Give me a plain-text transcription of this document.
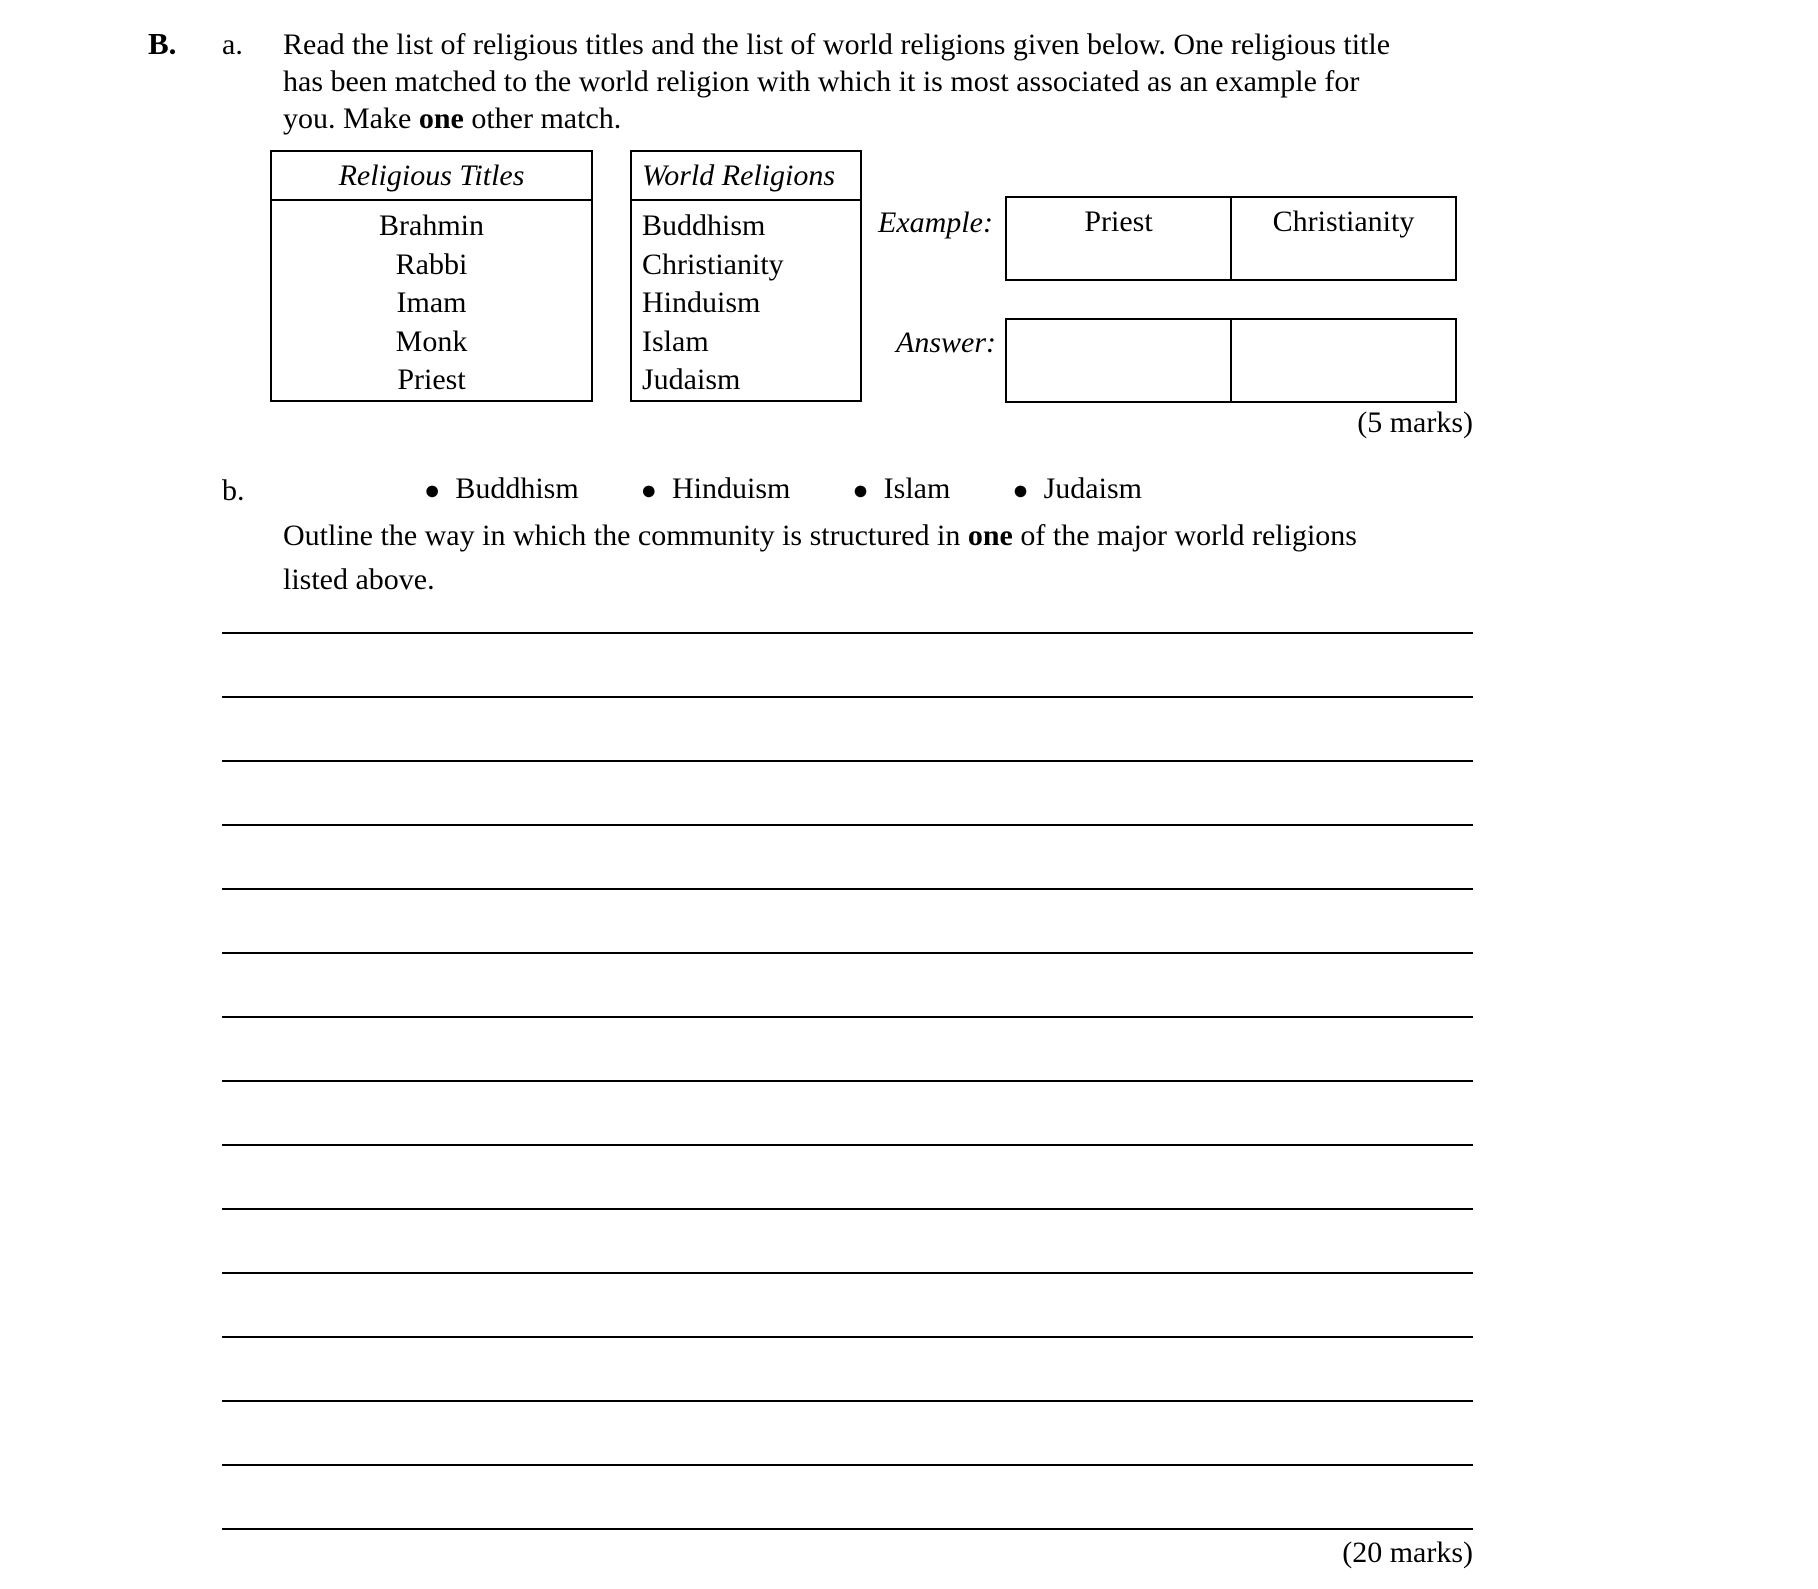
B. a. Read the list of religious titles and the list of world religions given below. One religious title
has been matched to the world religion with which it is most associated as an example for
you. Make one other match.
Religious Titles
Brahmin
Rabbi
Imam
Monk
Priest
World Religions
Buddhism
Christianity
Hinduism
Islam
Judaism
Example:	Priest	Christianity
Answer:
(5 marks)
b.	● Buddhism ● Hinduism ● Islam ● Judaism
Outline the way in which the community is structured in one of the major world religions
listed above.
(20 marks)
